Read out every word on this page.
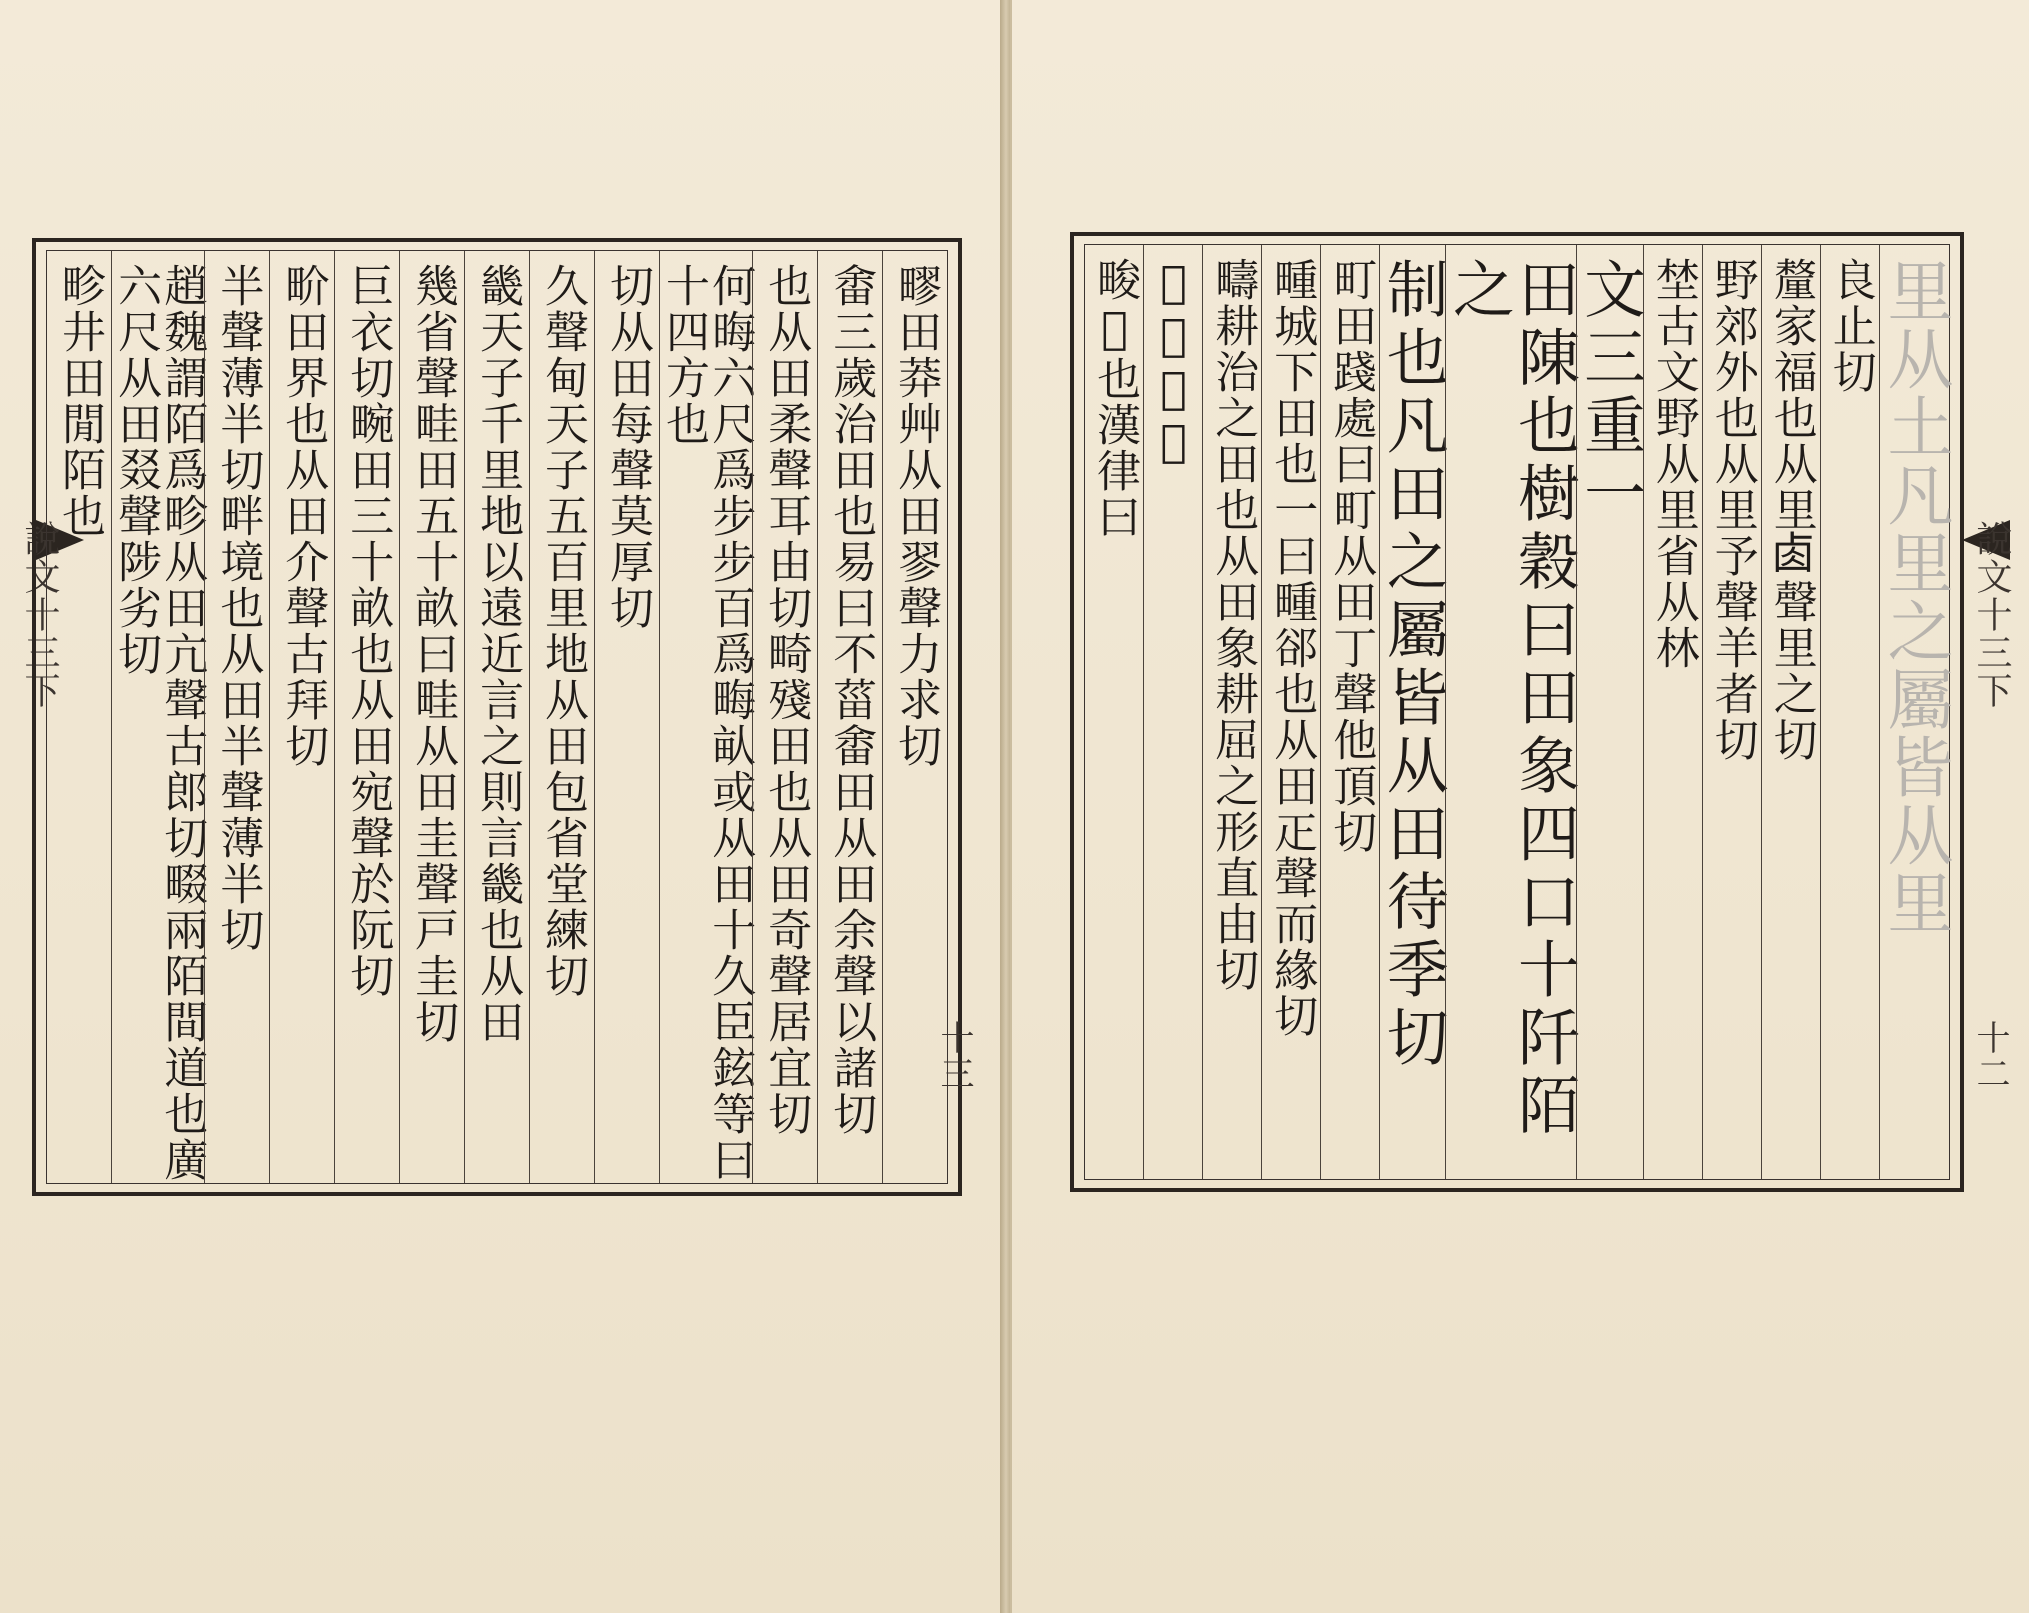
說文十三下	疁田莽艸从田翏聲力求切
畬三歲治田也易曰不菑畬田从田余聲以諸切
也从田柔聲耳由切畸殘田也从田奇聲居宜切
何晦六尺爲步步百爲畮畒或从田十久臣鉉等曰十四方也
切从田每聲莫厚切
久聲甸天子五百里地从田包省堂練切
畿天子千里地以遠近言之則言畿也从田
幾省聲畦田五十畝曰畦从田圭聲戸圭切
巨衣切畹田三十畝也从田宛聲於阮切
畍田界也从田介聲古拜切
半聲薄半切畔境也从田半聲薄半切
趙魏謂陌爲畛从田亢聲古郎切畷兩陌間道也廣六尺从田叕聲陟劣切
畛井田閒陌也
十三
里从土凡里之屬皆从里
良止切
釐家福也从里𠧪聲里之切
野郊外也从里予聲羊者切
埜古文野从里省从林
文三重一
田陳也樹穀曰田象四口十阡陌之
制也凡田之屬皆从田待季切
町田踐處曰町从田丁聲他頂切
畽城下田也一曰畽郤也从田𤴓聲而緣切
疇耕治之田也从田象耕屈之形直由切
𠃬疇或省
畯𤰤也漢律曰
說文十三下
十二
